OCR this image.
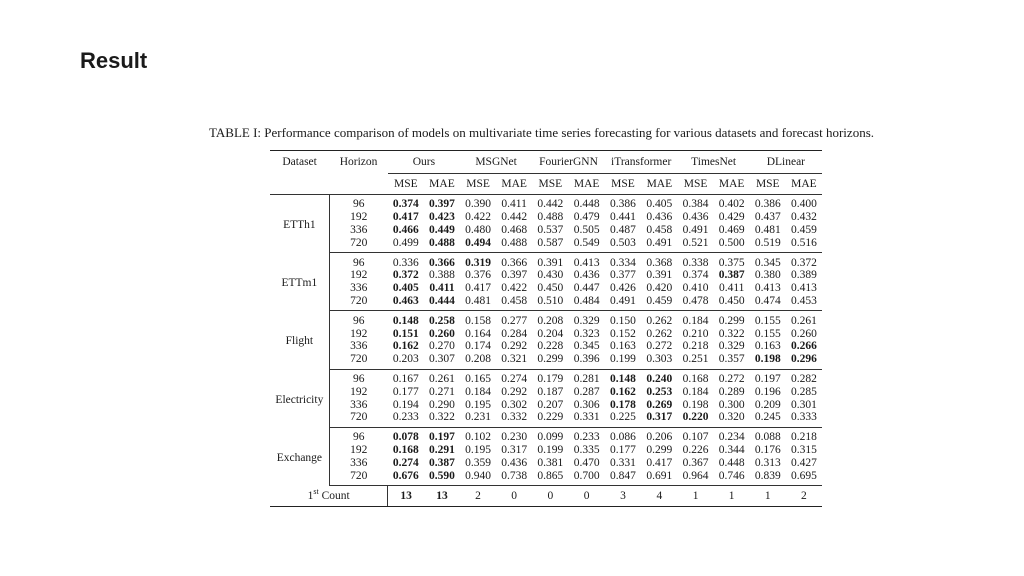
Result
TABLE I: Performance comparison of models on multivariate time series forecasting for various datasets and forecast horizons.
Dataset	Horizon	Ours		MSGNet		FourierGNN		iTransformer		TimesNet		DLinear	
		MSE	MAE	MSE	MAE	MSE	MAE	MSE	MAE	MSE	MAE	MSE	MAE
ETTh1	96	0.374	0.397	0.390	0.411	0.442	0.448	0.386	0.405	0.384	0.402	0.386	0.400
	192	0.417	0.423	0.422	0.442	0.488	0.479	0.441	0.436	0.436	0.429	0.437	0.432
	336	0.466	0.449	0.480	0.468	0.537	0.505	0.487	0.458	0.491	0.469	0.481	0.459
	720	0.499	0.488	0.494	0.488	0.587	0.549	0.503	0.491	0.521	0.500	0.519	0.516
ETTm1	96	0.336	0.366	0.319	0.366	0.391	0.413	0.334	0.368	0.338	0.375	0.345	0.372
	192	0.372	0.388	0.376	0.397	0.430	0.436	0.377	0.391	0.374	0.387	0.380	0.389
	336	0.405	0.411	0.417	0.422	0.450	0.447	0.426	0.420	0.410	0.411	0.413	0.413
	720	0.463	0.444	0.481	0.458	0.510	0.484	0.491	0.459	0.478	0.450	0.474	0.453
Flight	96	0.148	0.258	0.158	0.277	0.208	0.329	0.150	0.262	0.184	0.299	0.155	0.261
	192	0.151	0.260	0.164	0.284	0.204	0.323	0.152	0.262	0.210	0.322	0.155	0.260
	336	0.162	0.270	0.174	0.292	0.228	0.345	0.163	0.272	0.218	0.329	0.163	0.266
	720	0.203	0.307	0.208	0.321	0.299	0.396	0.199	0.303	0.251	0.357	0.198	0.296
Electricity	96	0.167	0.261	0.165	0.274	0.179	0.281	0.148	0.240	0.168	0.272	0.197	0.282
	192	0.177	0.271	0.184	0.292	0.187	0.287	0.162	0.253	0.184	0.289	0.196	0.285
	336	0.194	0.290	0.195	0.302	0.207	0.306	0.178	0.269	0.198	0.300	0.209	0.301
	720	0.233	0.322	0.231	0.332	0.229	0.331	0.225	0.317	0.220	0.320	0.245	0.333
Exchange	96	0.078	0.197	0.102	0.230	0.099	0.233	0.086	0.206	0.107	0.234	0.088	0.218
	192	0.168	0.291	0.195	0.317	0.199	0.335	0.177	0.299	0.226	0.344	0.176	0.315
	336	0.274	0.387	0.359	0.436	0.381	0.470	0.331	0.417	0.367	0.448	0.313	0.427
	720	0.676	0.590	0.940	0.738	0.865	0.700	0.847	0.691	0.964	0.746	0.839	0.695
1st Count		13	13	2	0	0	0	3	4	1	1	1	2
